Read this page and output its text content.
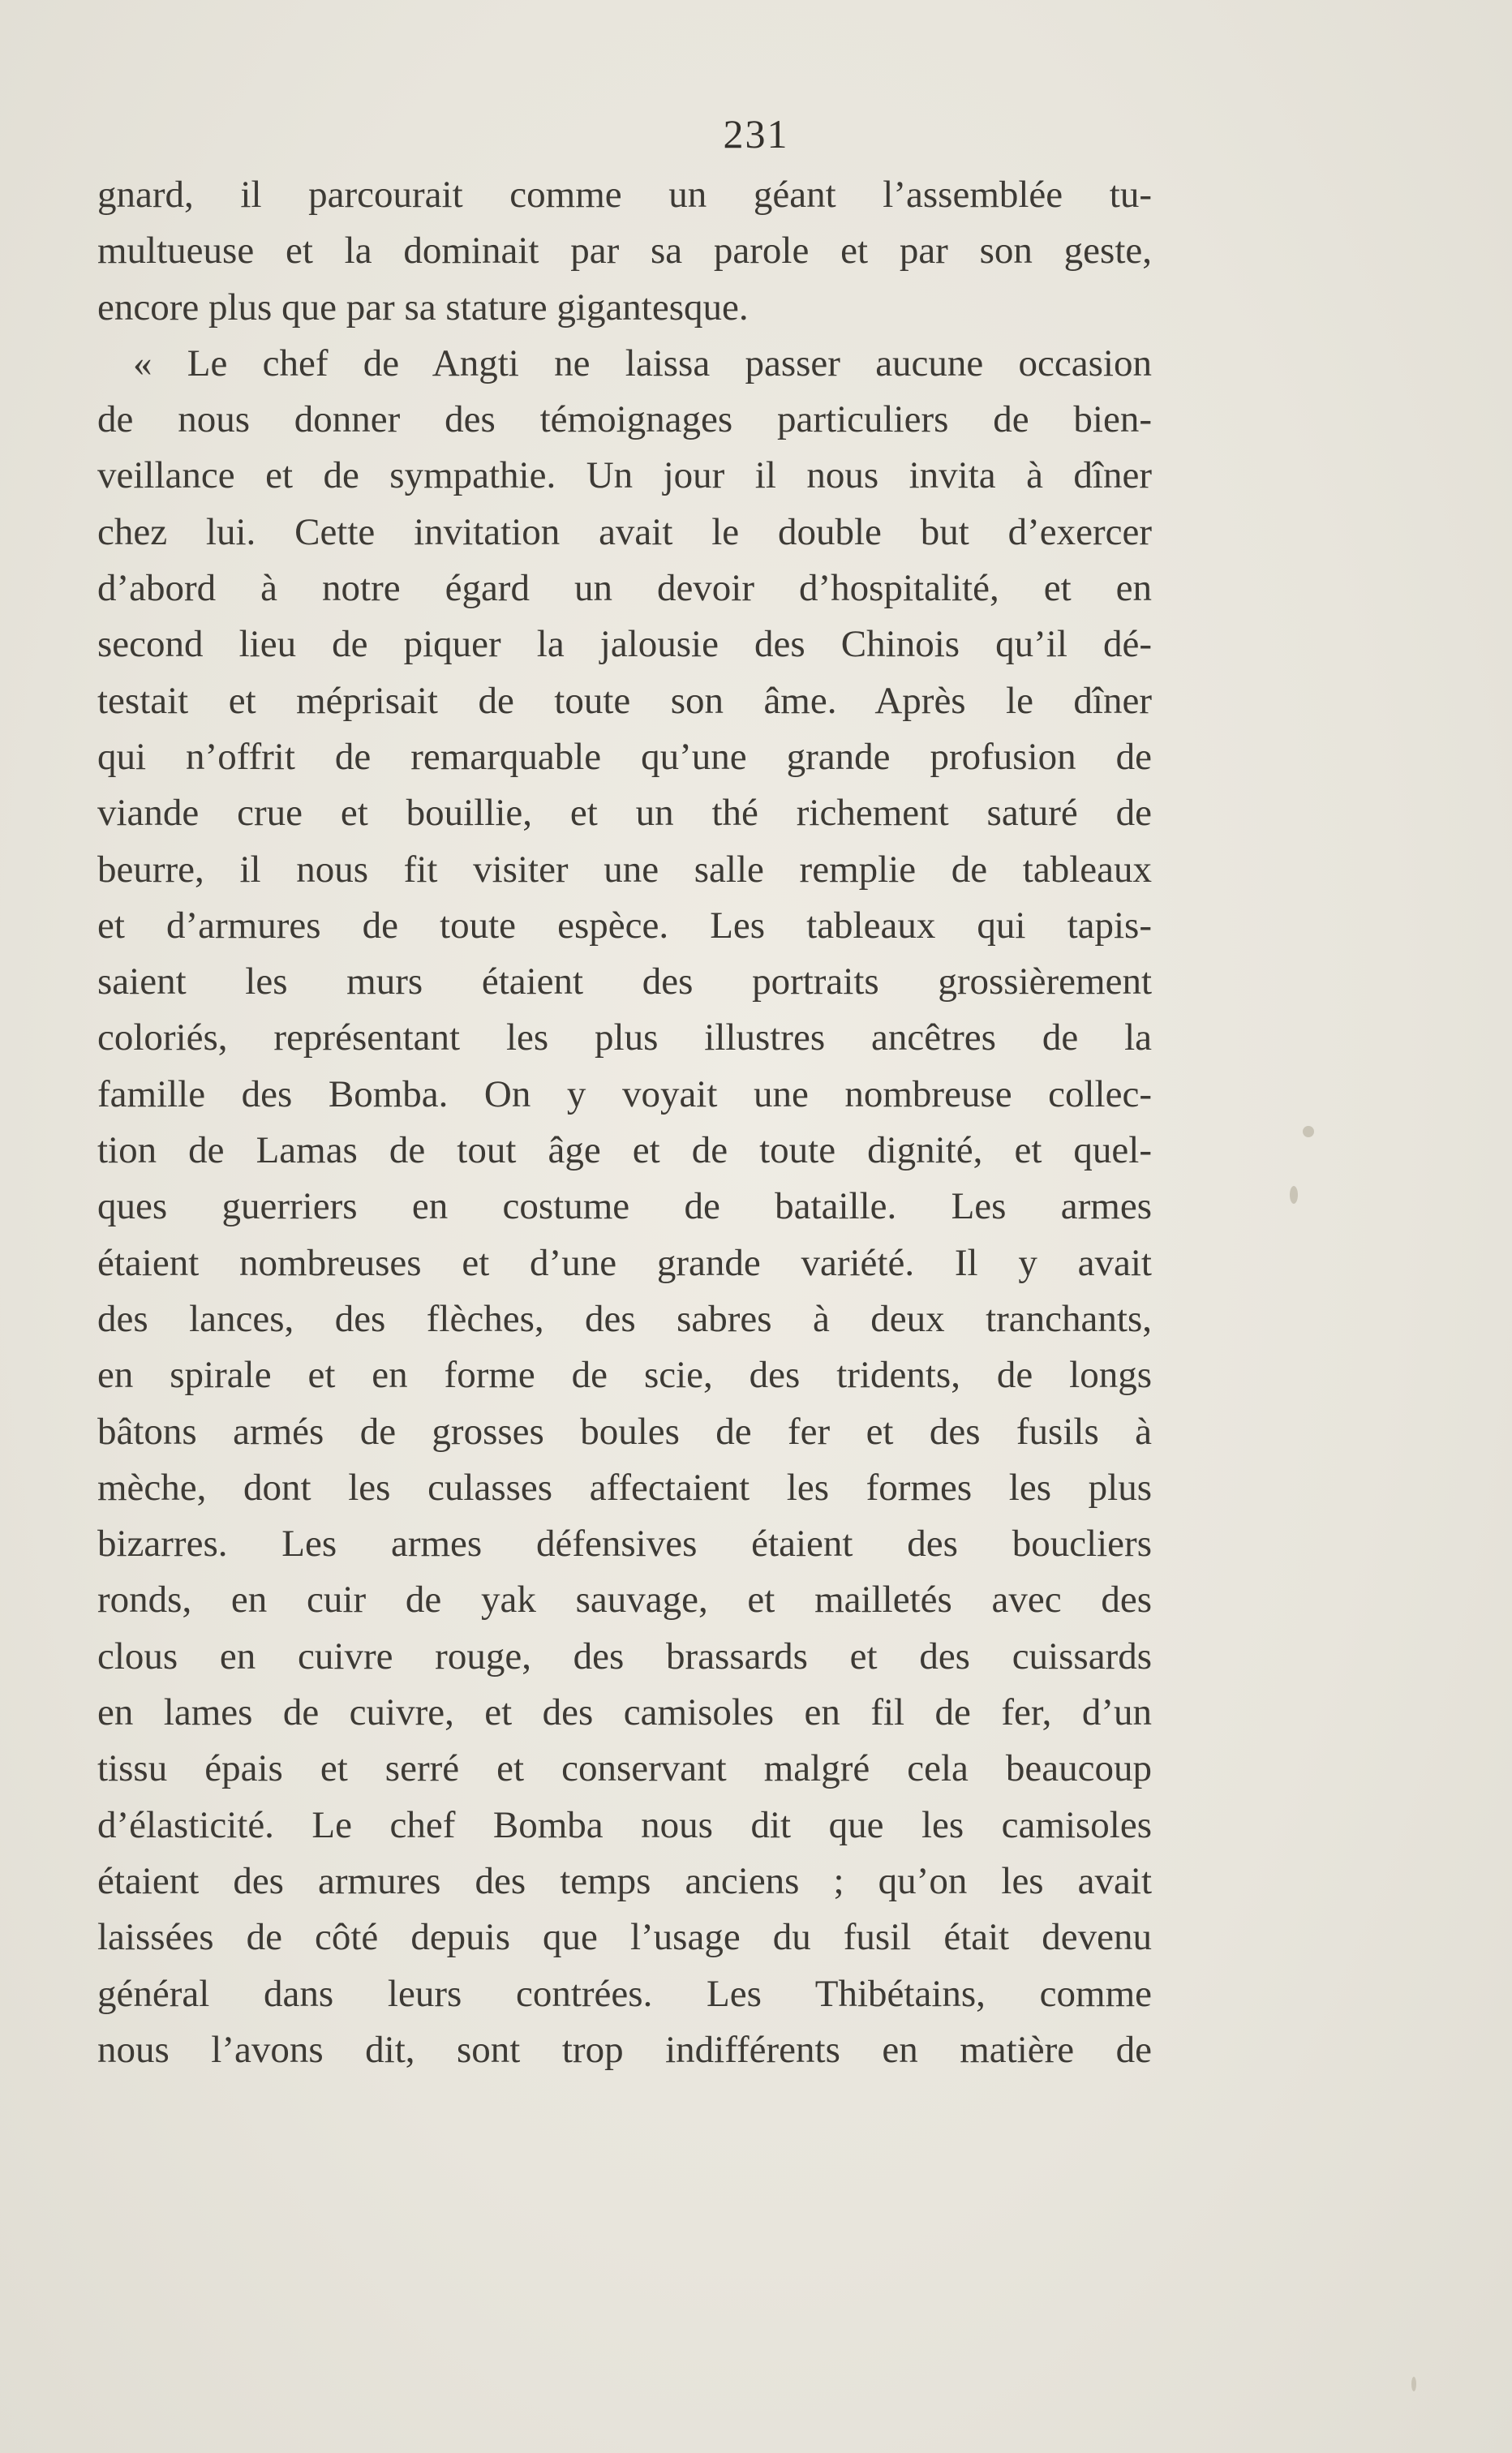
231
gnard, il parcourait comme un géant l’assemblée tu-
multueuse et la dominait par sa parole et par son geste,
encore plus que par sa stature gigantesque.
« Le chef de Angti ne laissa passer aucune occasion
de nous donner des témoignages particuliers de bien-
veillance et de sympathie. Un jour il nous invita à dîner
chez lui. Cette invitation avait le double but d’exercer
d’abord à notre égard un devoir d’hospitalité, et en
second lieu de piquer la jalousie des Chinois qu’il dé-
testait et méprisait de toute son âme. Après le dîner
qui n’offrit de remarquable qu’une grande profusion de
viande crue et bouillie, et un thé richement saturé de
beurre, il nous fit visiter une salle remplie de tableaux
et d’armures de toute espèce. Les tableaux qui tapis-
saient les murs étaient des portraits grossièrement
coloriés, représentant les plus illustres ancêtres de la
famille des Bomba. On y voyait une nombreuse collec-
tion de Lamas de tout âge et de toute dignité, et quel-
ques guerriers en costume de bataille. Les armes
étaient nombreuses et d’une grande variété. Il y avait
des lances, des flèches, des sabres à deux tranchants,
en spirale et en forme de scie, des tridents, de longs
bâtons armés de grosses boules de fer et des fusils à
mèche, dont les culasses affectaient les formes les plus
bizarres. Les armes défensives étaient des boucliers
ronds, en cuir de yak sauvage, et mailletés avec des
clous en cuivre rouge, des brassards et des cuissards
en lames de cuivre, et des camisoles en fil de fer, d’un
tissu épais et serré et conservant malgré cela beaucoup
d’élasticité. Le chef Bomba nous dit que les camisoles
étaient des armures des temps anciens ; qu’on les avait
laissées de côté depuis que l’usage du fusil était devenu
général dans leurs contrées. Les Thibétains, comme
nous l’avons dit, sont trop indifférents en matière de
